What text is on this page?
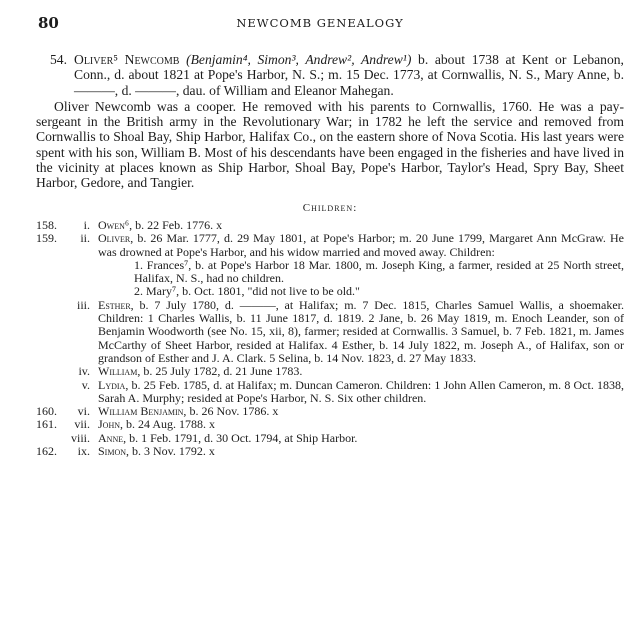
80	NEWCOMB GENEALOGY
54. Oliver⁵ Newcomb (Benjamin⁴, Simon³, Andrew², Andrew¹) b. about 1738 at Kent or Lebanon, Conn., d. about 1821 at Pope's Harbor, N. S.; m. 15 Dec. 1773, at Cornwallis, N. S., Mary Anne, b. ———, d. ———, dau. of William and Eleanor Mahegan.
Oliver Newcomb was a cooper. He removed with his parents to Cornwallis, 1760. He was a pay-sergeant in the British army in the Revolutionary War; in 1782 he left the service and removed from Cornwallis to Shoal Bay, Ship Harbor, Halifax Co., on the eastern shore of Nova Scotia. His last years were spent with his son, William B. Most of his descendants have been engaged in the fisheries and have lived in the vicinity at places known as Ship Harbor, Shoal Bay, Pope's Harbor, Taylor's Head, Spry Bay, Sheet Harbor, Gedore, and Tangier.
Children:
158.	i. Owen⁶, b. 22 Feb. 1776. x
159.	ii. Oliver, b. 26 Mar. 1777, d. 29 May 1801, at Pope's Harbor; m. 20 June 1799, Margaret Ann McGraw. He was drowned at Pope's Harbor, and his widow married and moved away. Children:
1. Frances⁷, b. at Pope's Harbor 18 Mar. 1800, m. Joseph King, a farmer, resided at 25 North street, Halifax, N. S., had no children.
2. Mary⁷, b. Oct. 1801, "did not live to be old."
iii. Esther, b. 7 July 1780, d. ———, at Halifax; m. 7 Dec. 1815, Charles Samuel Wallis, a shoemaker. Children: 1 Charles Wallis, b. 11 June 1817, d. 1819. 2 Jane, b. 26 May 1819, m. Enoch Leander, son of Benjamin Woodworth (see No. 15, xii, 8), farmer; resided at Cornwallis. 3 Samuel, b. 7 Feb. 1821, m. James McCarthy of Sheet Harbor, resided at Halifax. 4 Esther, b. 14 July 1822, m. Joseph A., of Halifax, son or grandson of Esther and J. A. Clark. 5 Selina, b. 14 Nov. 1823, d. 27 May 1833.
iv. William, b. 25 July 1782, d. 21 June 1783.
v. Lydia, b. 25 Feb. 1785, d. at Halifax; m. Duncan Cameron. Children: 1 John Allen Cameron, m. 8 Oct. 1838, Sarah A. Murphy; resided at Pope's Harbor, N. S. Six other children.
160.	vi. William Benjamin, b. 26 Nov. 1786. x
161.	vii. John, b. 24 Aug. 1788. x
viii. Anne, b. 1 Feb. 1791, d. 30 Oct. 1794, at Ship Harbor.
162.	ix. Simon, b. 3 Nov. 1792. x
